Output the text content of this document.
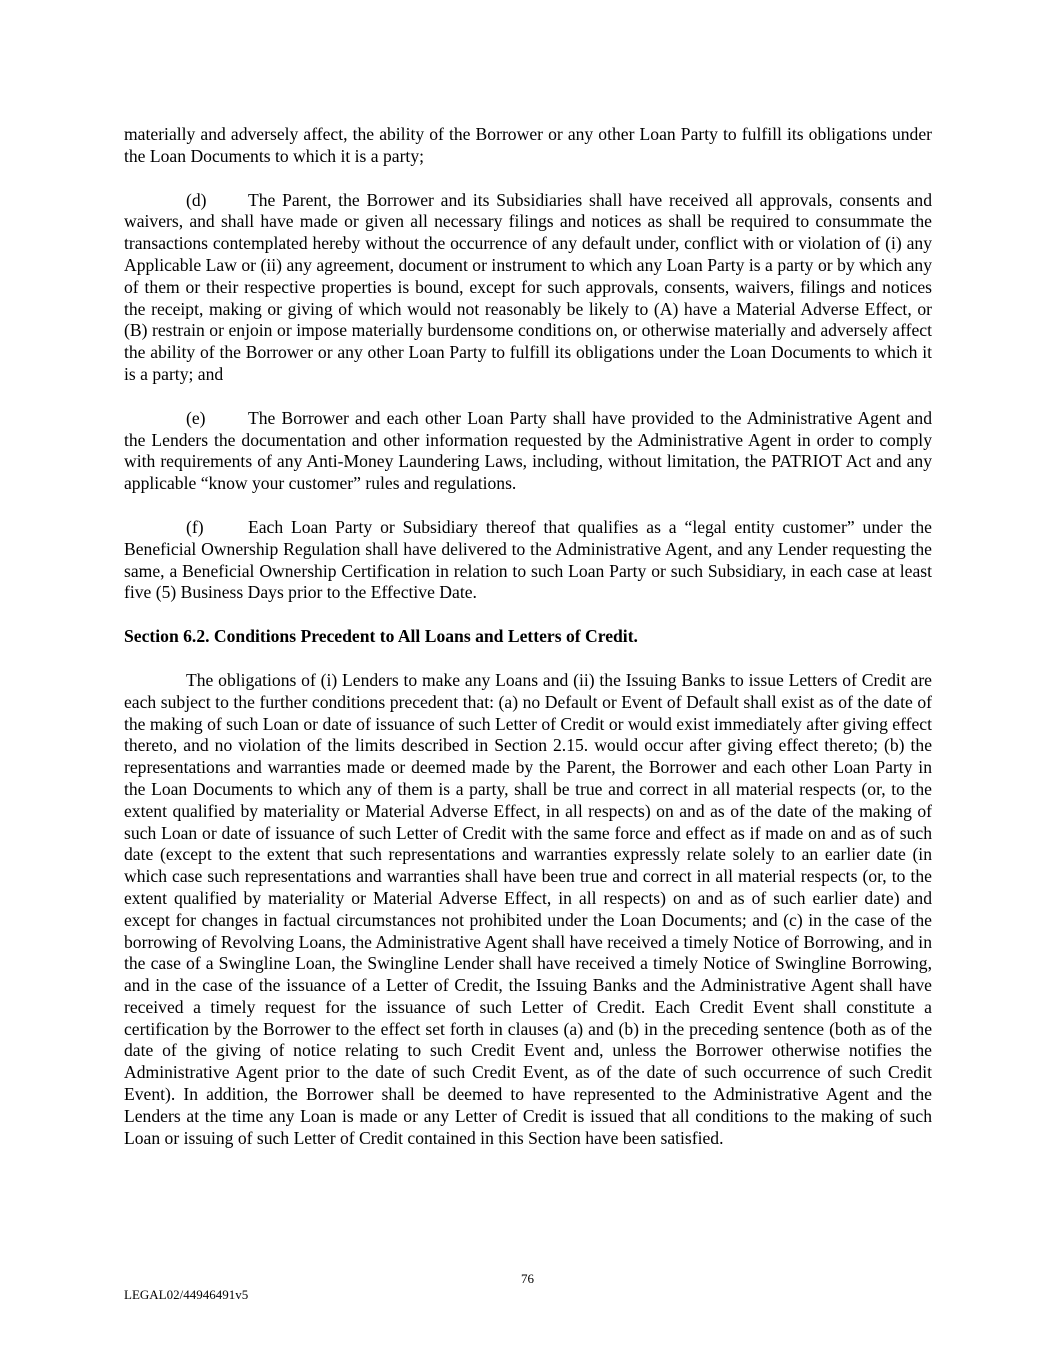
materially and adversely affect, the ability of the Borrower or any other Loan Party to fulfill its obligations under the Loan Documents to which it is a party;

(d) The Parent, the Borrower and its Subsidiaries shall have received all approvals, consents and waivers, and shall have made or given all necessary filings and notices as shall be required to consummate the transactions contemplated hereby without the occurrence of any default under, conflict with or violation of (i) any Applicable Law or (ii) any agreement, document or instrument to which any Loan Party is a party or by which any of them or their respective properties is bound, except for such approvals, consents, waivers, filings and notices the receipt, making or giving of which would not reasonably be likely to (A) have a Material Adverse Effect, or (B) restrain or enjoin or impose materially burdensome conditions on, or otherwise materially and adversely affect the ability of the Borrower or any other Loan Party to fulfill its obligations under the Loan Documents to which it is a party; and

(e) The Borrower and each other Loan Party shall have provided to the Administrative Agent and the Lenders the documentation and other information requested by the Administrative Agent in order to comply with requirements of any Anti-Money Laundering Laws, including, without limitation, the PATRIOT Act and any applicable “know your customer” rules and regulations.

(f)	Each Loan Party or Subsidiary thereof that qualifies as a “legal entity customer” under the Beneficial Ownership Regulation shall have delivered to the Administrative Agent, and any Lender requesting the same, a Beneficial Ownership Certification in relation to such Loan Party or such Subsidiary, in each case at least five (5) Business Days prior to the Effective Date.

Section 6.2. Conditions Precedent to All Loans and Letters of Credit.

The obligations of (i) Lenders to make any Loans and (ii) the Issuing Banks to issue Letters of Credit are each subject to the further conditions precedent that: (a) no Default or Event of Default shall exist as of the date of the making of such Loan or date of issuance of such Letter of Credit or would exist immediately after giving effect thereto, and no violation of the limits described in Section 2.15. would occur after giving effect thereto; (b) the representations and warranties made or deemed made by the Parent, the Borrower and each other Loan Party in the Loan Documents to which any of them is a party, shall be true and correct in all material respects (or, to the extent qualified by materiality or Material Adverse Effect, in all respects) on and as of the date of the making of such Loan or date of issuance of such Letter of Credit with the same force and effect as if made on and as of such date (except to the extent that such representations and warranties expressly relate solely to an earlier date (in which case such representations and warranties shall have been true and correct in all material respects (or, to the extent qualified by materiality or Material Adverse Effect, in all respects) on and as of such earlier date) and except for changes in factual circumstances not prohibited under the Loan Documents; and (c) in the case of the borrowing of Revolving Loans, the Administrative Agent shall have received a timely Notice of Borrowing, and in the case of a Swingline Loan, the Swingline Lender shall have received a timely Notice of Swingline Borrowing, and in the case of the issuance of a Letter of Credit, the Issuing Banks and the Administrative Agent shall have received a timely request for the issuance of such Letter of Credit. Each Credit Event shall constitute a certification by the Borrower to the effect set forth in clauses (a) and (b) in the preceding sentence (both as of the date of the giving of notice relating to such Credit Event and, unless the Borrower otherwise notifies the Administrative Agent prior to the date of such Credit Event, as of the date of such occurrence of such Credit Event). In addition, the Borrower shall be deemed to have represented to the Administrative Agent and the Lenders at the time any Loan is made or any Letter of Credit is issued that all conditions to the making of such Loan or issuing of such Letter of Credit contained in this Section have been satisfied.

76
LEGAL02/44946491v5
